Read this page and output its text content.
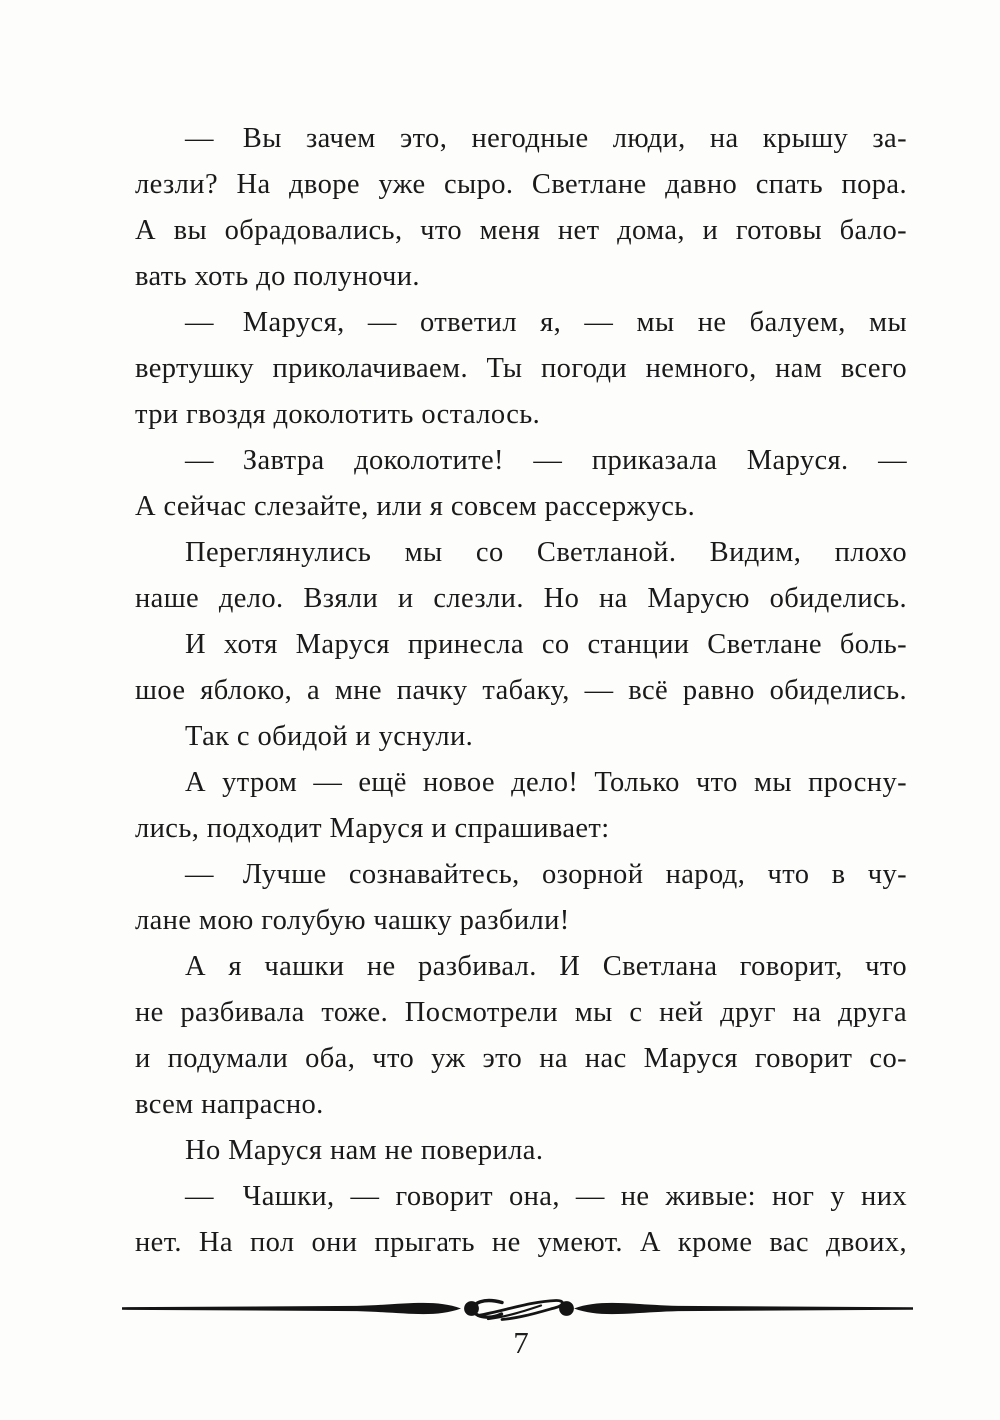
— Вы зачем это, негодные люди, на крышу за-
лезли? На дворе уже сыро. Светлане давно спать пора.
А вы обрадовались, что меня нет дома, и готовы бало-
вать хоть до полуночи.
— Маруся, — ответил я, — мы не балуем, мы
вертушку приколачиваем. Ты погоди немного, нам всего
три гвоздя доколотить осталось.
— Завтра доколотите! — приказала Маруся. —
А сейчас слезайте, или я совсем рассержусь.
Переглянулись мы со Светланой. Видим, плохо
наше дело. Взяли и слезли. Но на Марусю обиделись.
И хотя Маруся принесла со станции Светлане боль-
шое яблоко, а мне пачку табаку, — всё равно обиделись.
Так с обидой и уснули.
А утром — ещё новое дело! Только что мы просну-
лись, подходит Маруся и спрашивает:
— Лучше сознавайтесь, озорной народ, что в чу-
лане мою голубую чашку разбили!
А я чашки не разбивал. И Светлана говорит, что
не разбивала тоже. Посмотрели мы с ней друг на друга
и подумали оба, что уж это на нас Маруся говорит со-
всем напрасно.
Но Маруся нам не поверила.
— Чашки, — говорит она, — не живые: ног у них
нет. На пол они прыгать не умеют. А кроме вас двоих,
7
